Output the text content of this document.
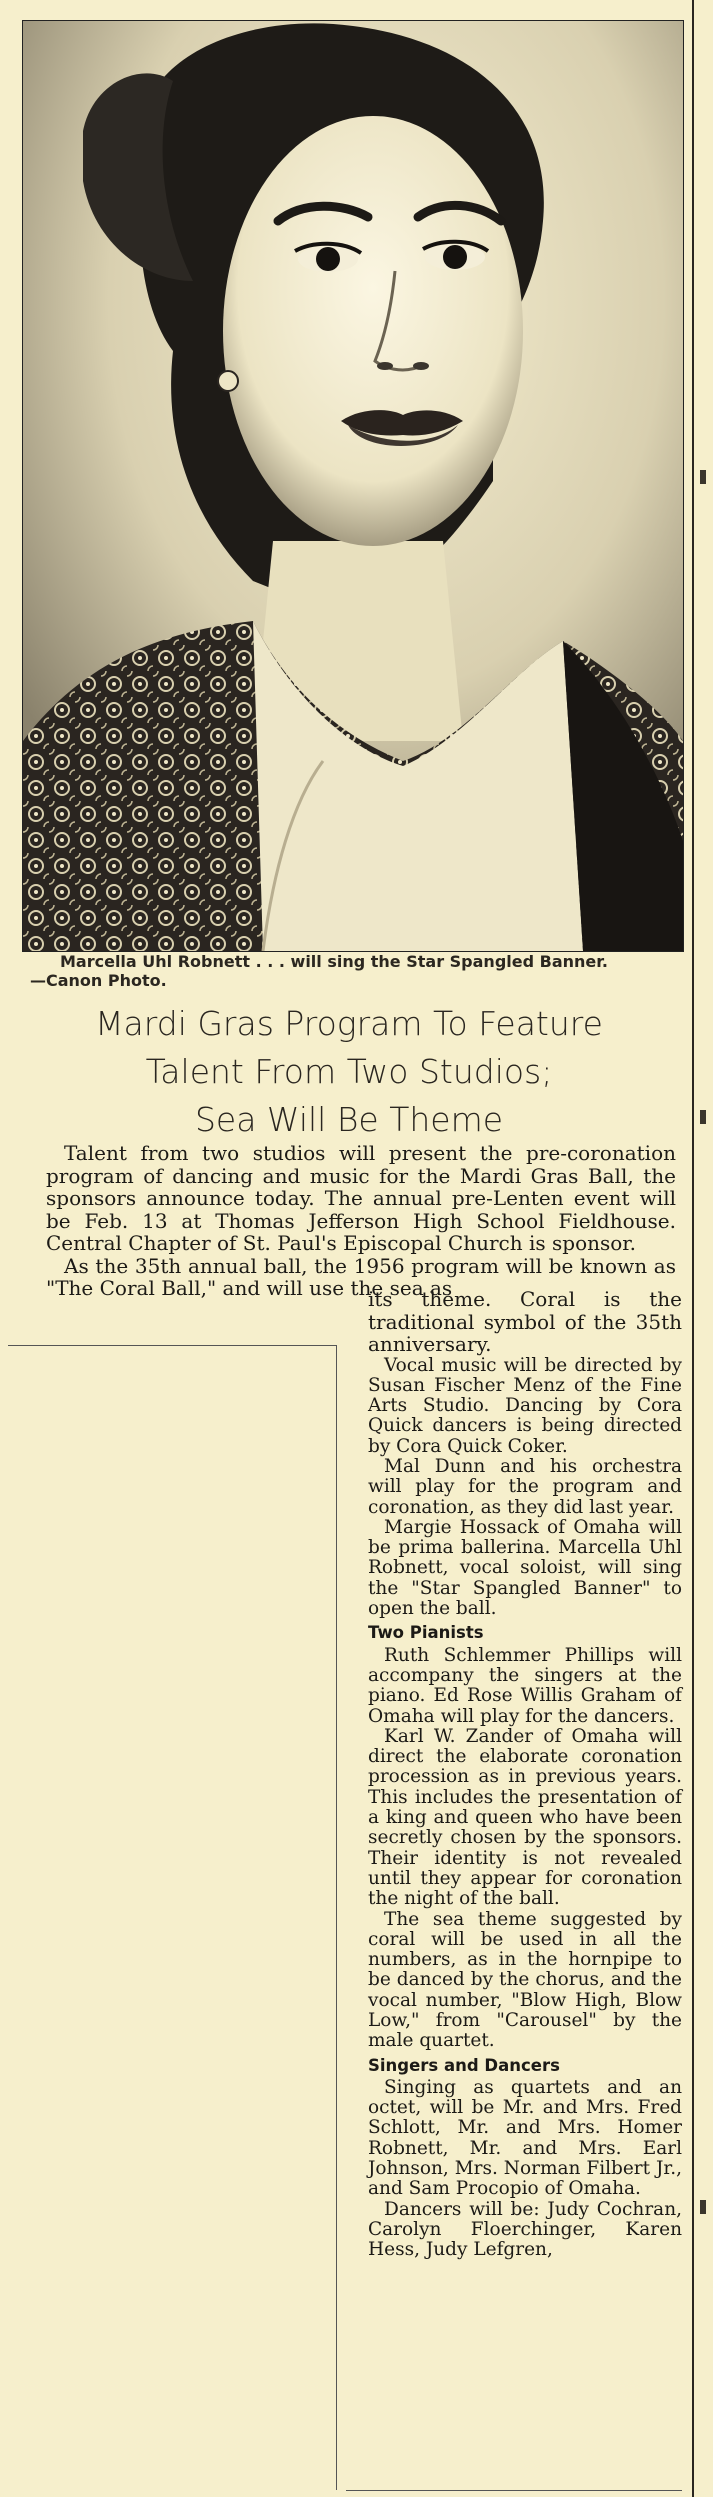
Marcella Uhl Robnett . . . will sing the Star Spangled Banner.
—Canon Photo.
Mardi Gras Program To Feature
Talent From Two Studios;
Sea Will Be Theme

Talent from two studios will present the pre-coronation program of dancing and music for the Mardi Gras Ball, the sponsors announce today. The annual pre-Lenten event will be Feb. 13 at Thomas Jefferson High School Fieldhouse. Central Chapter of St. Paul's Episcopal Church is sponsor.

As the 35th annual ball, the 1956 program will be known as "The Coral Ball," and will use the sea as

its theme. Coral is the traditional symbol of the 35th anniversary.

Vocal music will be directed by Susan Fischer Menz of the Fine Arts Studio. Dancing by Cora Quick dancers is being directed by Cora Quick Coker.

Mal Dunn and his orchestra will play for the program and coronation, as they did last year.

Margie Hossack of Omaha will be prima ballerina. Marcella Uhl Robnett, vocal soloist, will sing the "Star Spangled Banner" to open the ball.

Two Pianists

Ruth Schlemmer Phillips will accompany the singers at the piano. Ed Rose Willis Graham of Omaha will play for the dancers.

Karl W. Zander of Omaha will direct the elaborate coronation procession as in previous years. This includes the presentation of a king and queen who have been secretly chosen by the sponsors. Their identity is not revealed until they appear for coronation the night of the ball.

The sea theme suggested by coral will be used in all the numbers, as in the hornpipe to be danced by the chorus, and the vocal number, "Blow High, Blow Low," from "Carousel" by the male quartet.

Singers and Dancers

Singing as quartets and an octet, will be Mr. and Mrs. Fred Schlott, Mr. and Mrs. Homer Robnett, Mr. and Mrs. Earl Johnson, Mrs. Norman Filbert Jr., and Sam Procopio of Omaha.

Dancers will be: Judy Cochran, Carolyn Floerchinger, Karen Hess, Judy Lefgren,
